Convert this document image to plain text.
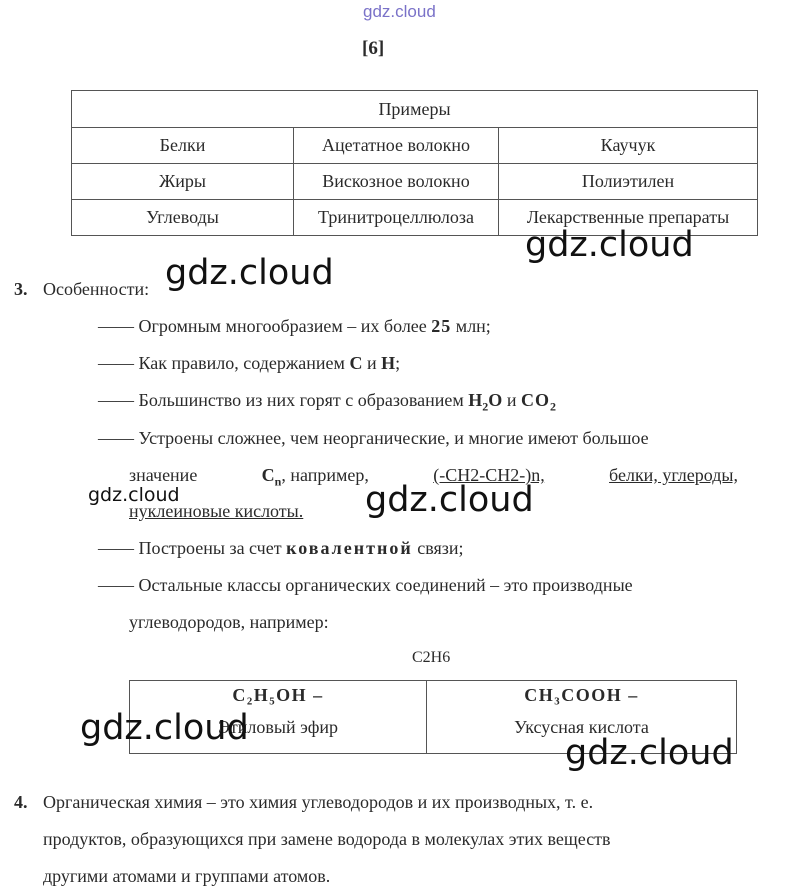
gdz.cloud
[6]
Примеры		
Белки	Ацетатное волокно	Каучук
Жиры	Вискозное волокно	Полиэтилен
Углеводы	Тринитроцеллюлоза	Лекарственные препараты
gdz.cloud
gdz.cloud
3. Особенности:
—— Огромным многообразием – их более 25 млн;
—— Как правило, содержанием C и H;
—— Большинство из них горят с образованием $H_2O$ и $CO_2$
—— Устроены сложнее, чем неорганические, и многие имеют большое
значение	$C_n$, например,	(-CH2-CH2-)n,	белки, углероды,
нуклеиновые кислоты.
gdz.cloud	gdz.cloud
—— Построены за счет ковалентной связи;
—— Остальные классы органических соединений – это производные
углеводородов, например:
C2H6
C₂H₅OH –
Этиловый эфир

CH₃COOH –
Уксусная кислота
gdz.cloud
gdz.cloud
4. Органическая химия – это химия углеводородов и их производных, т. е.
продуктов, образующихся при замене водорода в молекулах этих веществ
другими атомами и группами атомов.
